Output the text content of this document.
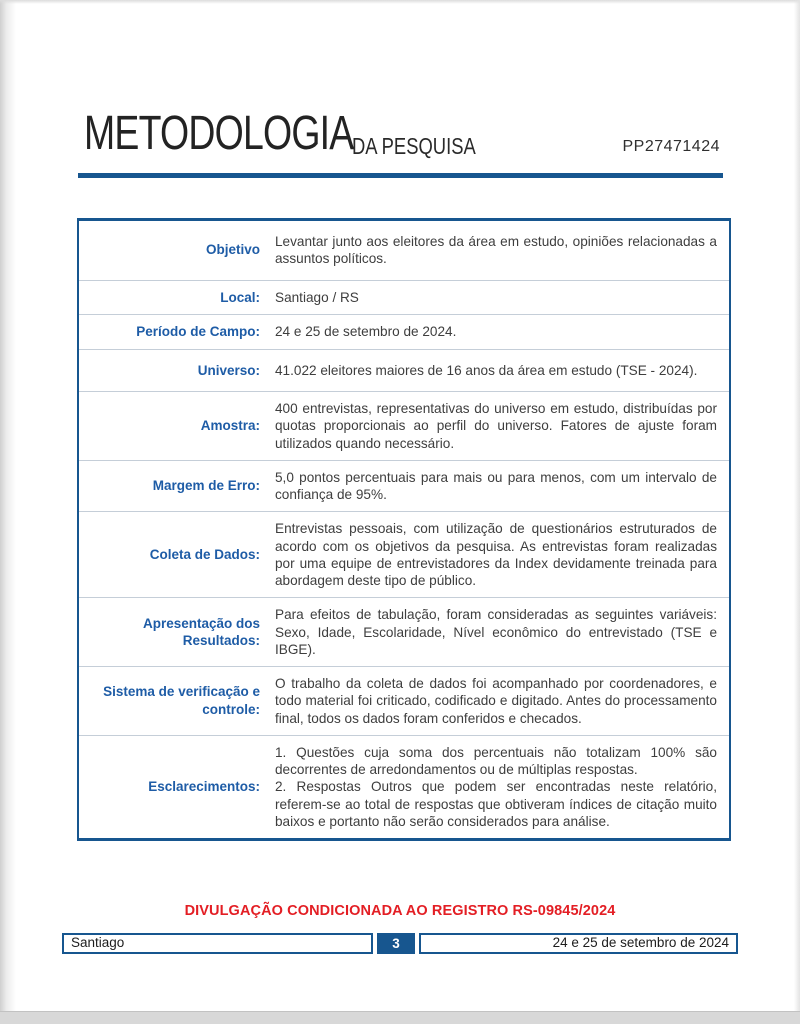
METODOLOGIA
DA PESQUISA	PP27471424
Objetivo	Levantar junto aos eleitores da área em estudo, opiniões relacionadas a assuntos políticos.
Local:	Santiago / RS
Período de Campo:	24 e 25 de setembro de 2024.
Universo:	41.022 eleitores maiores de 16 anos da área em estudo (TSE - 2024).
Amostra:	400 entrevistas, representativas do universo em estudo, distribuídas por quotas proporcionais ao perfil do universo. Fatores de ajuste foram utilizados quando necessário.
Margem de Erro:	5,0 pontos percentuais para mais ou para menos, com um intervalo de confiança de 95%.
Coleta de Dados:	Entrevistas pessoais, com utilização de questionários estruturados de acordo com os objetivos da pesquisa. As entrevistas foram realizadas por uma equipe de entrevistadores da Index devidamente treinada para abordagem deste tipo de público.
Apresentação dos Resultados:	Para efeitos de tabulação, foram consideradas as seguintes variáveis: Sexo, Idade, Escolaridade, Nível econômico do entrevistado (TSE e IBGE).
Sistema de verificação e controle:	O trabalho da coleta de dados foi acompanhado por coordenadores, e todo material foi criticado, codificado e digitado. Antes do processamento final, todos os dados foram conferidos e checados.
Esclarecimentos:	1. Questões cuja soma dos percentuais não totalizam 100% são decorrentes de arredondamentos ou de múltiplas respostas.
2. Respostas Outros que podem ser encontradas neste relatório, referem-se ao total de respostas que obtiveram índices de citação muito baixos e portanto não serão considerados para análise.
DIVULGAÇÃO CONDICIONADA AO REGISTRO RS-09845/2024
Santiago	3	24 e 25 de setembro de 2024
